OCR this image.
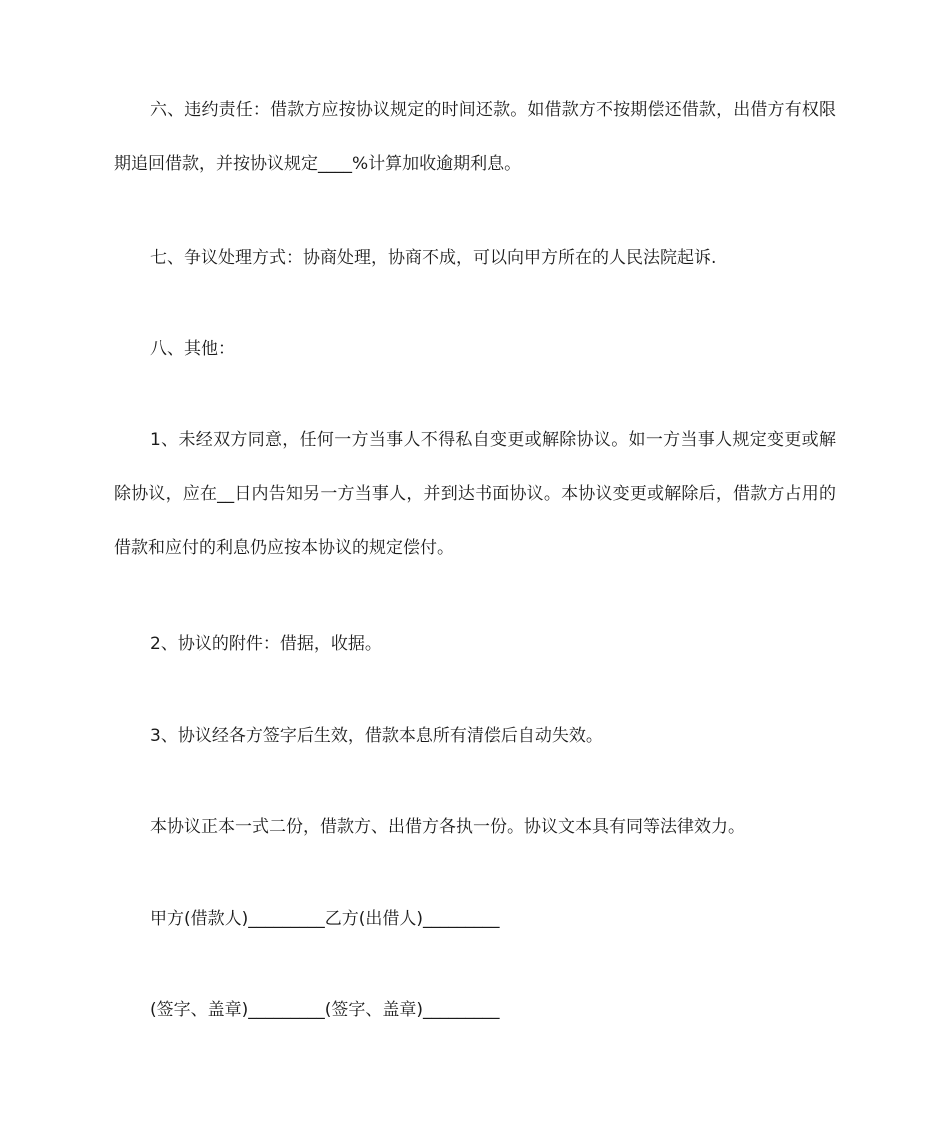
六、违约责任：借款方应按协议规定的时间还款。如借款方不按期偿还借款，出借方有权限期追回借款，并按协议规定____%计算加收逾期利息。

七、争议处理方式：协商处理，协商不成，可以向甲方所在的人民法院起诉.

八、其他：

1、未经双方同意，任何一方当事人不得私自变更或解除协议。如一方当事人规定变更或解除协议，应在__日内告知另一方当事人，并到达书面协议。本协议变更或解除后，借款方占用的借款和应付的利息仍应按本协议的规定偿付。

2、协议的附件：借据，收据。

3、协议经各方签字后生效，借款本息所有清偿后自动失效。

本协议正本一式二份，借款方、出借方各执一份。协议文本具有同等法律效力。

甲方(借款人)_________乙方(出借人)_________

(签字、盖章)_________(签字、盖章)_________
